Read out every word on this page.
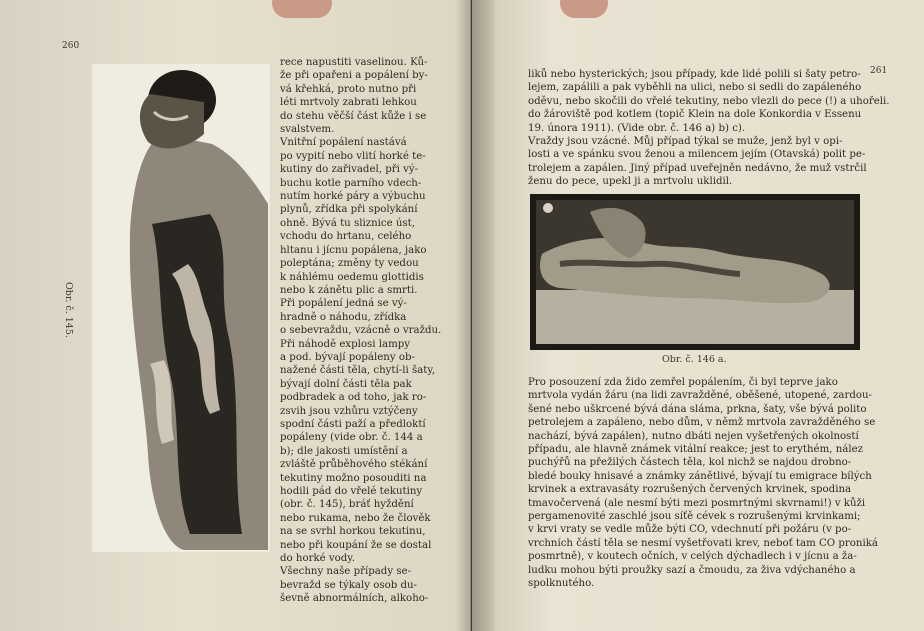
260
Obr. č. 145.
rece napustiti vaselinou. Ků-
že při opařeni a popálení by-
vá křehká, proto nutno při
léti mrtvoly zabrati lehkou
do stehu věčší část kůže i se
svalstvem.
Vnitřní popálení nastává
po vypití nebo vlití horké te-
kutiny do zařivadel, při vý-
buchu kotle parního vdech-
nutím horké páry a výbuchu
plynů, zřídka při spolykání
ohně. Bývá tu sliznice úst,
vchodu do hrtanu, celého
hltanu i jícnu popálena, jako
poleptána; změny ty vedou
k náhlému oedemu glottidis
nebo k zánětu plic a smrti.
Při popálení jedná se vý-
hradně o náhodu, zřídka
o sebevraždu, vzácně o vraždu.
Při náhodě explosi lampy
a pod. bývají popáleny ob-
nažené části těla, chytí-li šaty,
bývají dolní části těla pak
podbradek a od toho, jak ro-
zsvih jsou vzhůru vztýčeny
spodní části paží a předloktí
popáleny (vide obr. č. 144 a
b); dle jakosti umístění a
zvláště průběhového stékání
tekutiny možno posouditi na
hodili pád do vřelé tekutiny
(obr. č. 145), bráť hyždění
nebo rukama, nebo že člověk
na se svrhl horkou tekutinu,
nebo při koupání že se dostal
do horké vody.
Všechny naše případy se-
bevražd se týkaly osob du-
ševně abnormálních, alkoho-
261
liků nebo hysterických; jsou případy, kde lidé polili si šaty petro-
lejem, zapálili a pak vyběhli na ulici, nebo si sedli do zapáleného
oděvu, nebo skočili do vřelé tekutiny, nebo vlezli do pece (!) a uhořeli.
do žároviště pod kotlem (topič Klein na dole Konkordia v Essenu
19. února 1911). (Vide obr. č. 146 a) b) c).
Vraždy jsou vzácné. Můj případ týkal se muže, jenž byl v opi-
losti a ve spánku svou ženou a milencem jejím (Otavská) polit pe-
trolejem a zapálen. Jiný případ uveřejněn nedávno, že muž vstrčil
ženu do pece, upekl ji a mrtvolu uklidil.
Obr. č. 146 a.
Pro posouzení zda žido zemřel popálením, či byl teprve jako
mrtvola vydán žáru (na lidi zavražděné, oběšené, utopené, zardou-
šené nebo uškrcené bývá dána sláma, prkna, šaty, vše bývá polito
petrolejem a zapáleno, nebo dům, v němž mrtvola zavražděného se
nachází, bývá zapálen), nutno dbáti nejen vyšetřených okolností
případu, ale hlavně známek vitální reakce; jest to erythém, nález
puchýřů na přežilých částech těla, kol nichž se najdou drobno-
bledé bouky hnisavé a známky zánětlivé, bývají tu emigrace bílých
krvinek a extravasáty rozrušených červených krvinek, spodina
tmavočervená (ale nesmí býti mezi posmrtnými skvrnami!) v kůži
pergamenovité zaschlé jsou síťě cévek s rozrušenými krvinkami;
v krvi vraty se vedle může býti CO, vdechnutí při požáru (v po-
vrchních částí těla se nesmí vyšetřovati krev, neboť tam CO proniká
posmrtně), v koutech očních, v celých dýchadlech i v jícnu a ža-
ludku mohou býti proužky sazí a čmoudu, za živa vdýchaného a
spolknutého.
